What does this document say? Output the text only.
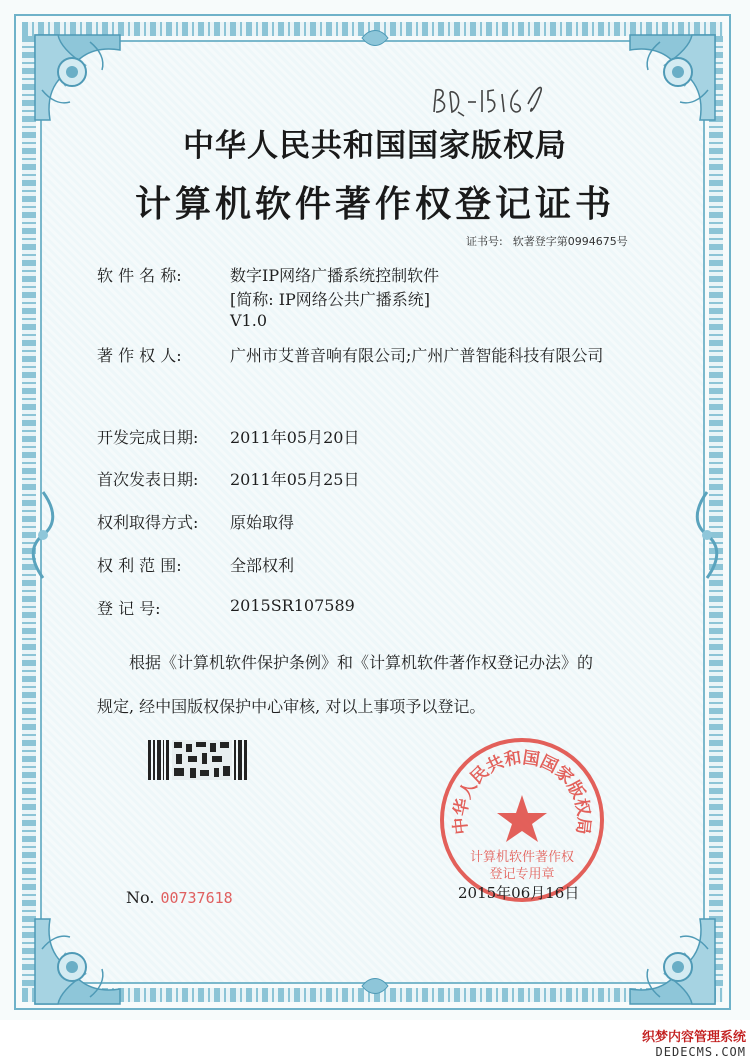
中华人民共和国国家版权局
计算机软件著作权登记证书
证书号: 软著登字第0994675号
软 件 名 称:	数字IP网络广播系统控制软件
[简称: IP网络公共广播系统]
V1.0
著 作 权 人:	广州市艾普音响有限公司;广州广普智能科技有限公司
开发完成日期: 2011年05月20日
首次发表日期: 2011年05月25日
权利取得方式: 原始取得
权 利 范 围:	全部权利
登 记 号:	2015SR107589
根据《计算机软件保护条例》和《计算机软件著作权登记办法》的
规定, 经中国版权保护中心审核, 对以上事项予以登记。
No. 00737618
中华人民共和国国家版权局
计算机软件著作权
登记专用章
2015年06月16日
织梦内容管理系统
DEDECMS.COM
